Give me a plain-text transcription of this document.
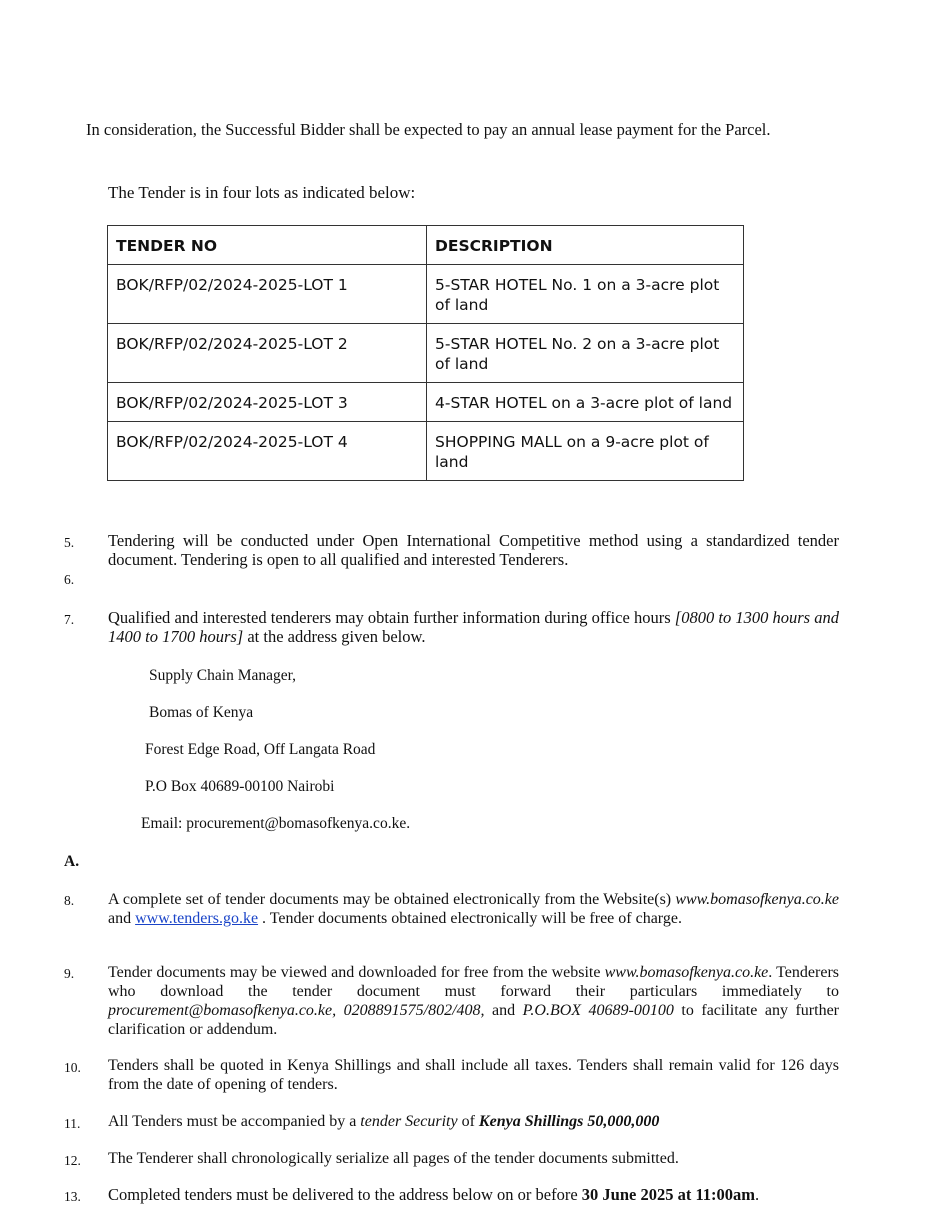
In consideration, the Successful Bidder shall be expected to pay an annual lease payment for the Parcel.
The Tender is in four lots as indicated below:
TENDER NO	DESCRIPTION
BOK/RFP/02/2024-2025-LOT 1	5-STAR HOTEL No. 1 on a 3-acre plot of land
BOK/RFP/02/2024-2025-LOT 2	5-STAR HOTEL No. 2 on a 3-acre plot of land
BOK/RFP/02/2024-2025-LOT 3	4-STAR HOTEL on a 3-acre plot of land
BOK/RFP/02/2024-2025-LOT 4	SHOPPING MALL on a 9-acre plot of land
5.	Tendering will be conducted under Open International Competitive method using a standardized tender document. Tendering is open to all qualified and interested Tenderers.
6.
7.	Qualified and interested tenderers may obtain further information during office hours [0800 to 1300 hours and 1400 to 1700 hours] at the address given below.
Supply Chain Manager,
Bomas of Kenya
Forest Edge Road, Off Langata Road
P.O Box 40689-00100 Nairobi
Email: procurement@bomasofkenya.co.ke.
A.
8.	A complete set of tender documents may be obtained electronically from the Website(s) www.bomasofkenya.co.ke and www.tenders.go.ke . Tender documents obtained electronically will be free of charge.
9.	Tender documents may be viewed and downloaded for free from the website www.bomasofkenya.co.ke. Tenderers who download the tender document must forward their particulars immediately to procurement@bomasofkenya.co.ke, 0208891575/802/408, and P.O.BOX 40689-00100 to facilitate any further clarification or addendum.
10.	Tenders shall be quoted in Kenya Shillings and shall include all taxes. Tenders shall remain valid for 126 days from the date of opening of tenders.
11.	All Tenders must be accompanied by a tender Security of Kenya Shillings 50,000,000
12.	The Tenderer shall chronologically serialize all pages of the tender documents submitted.
13.	Completed tenders must be delivered to the address below on or before 30 June 2025 at 11:00am.
